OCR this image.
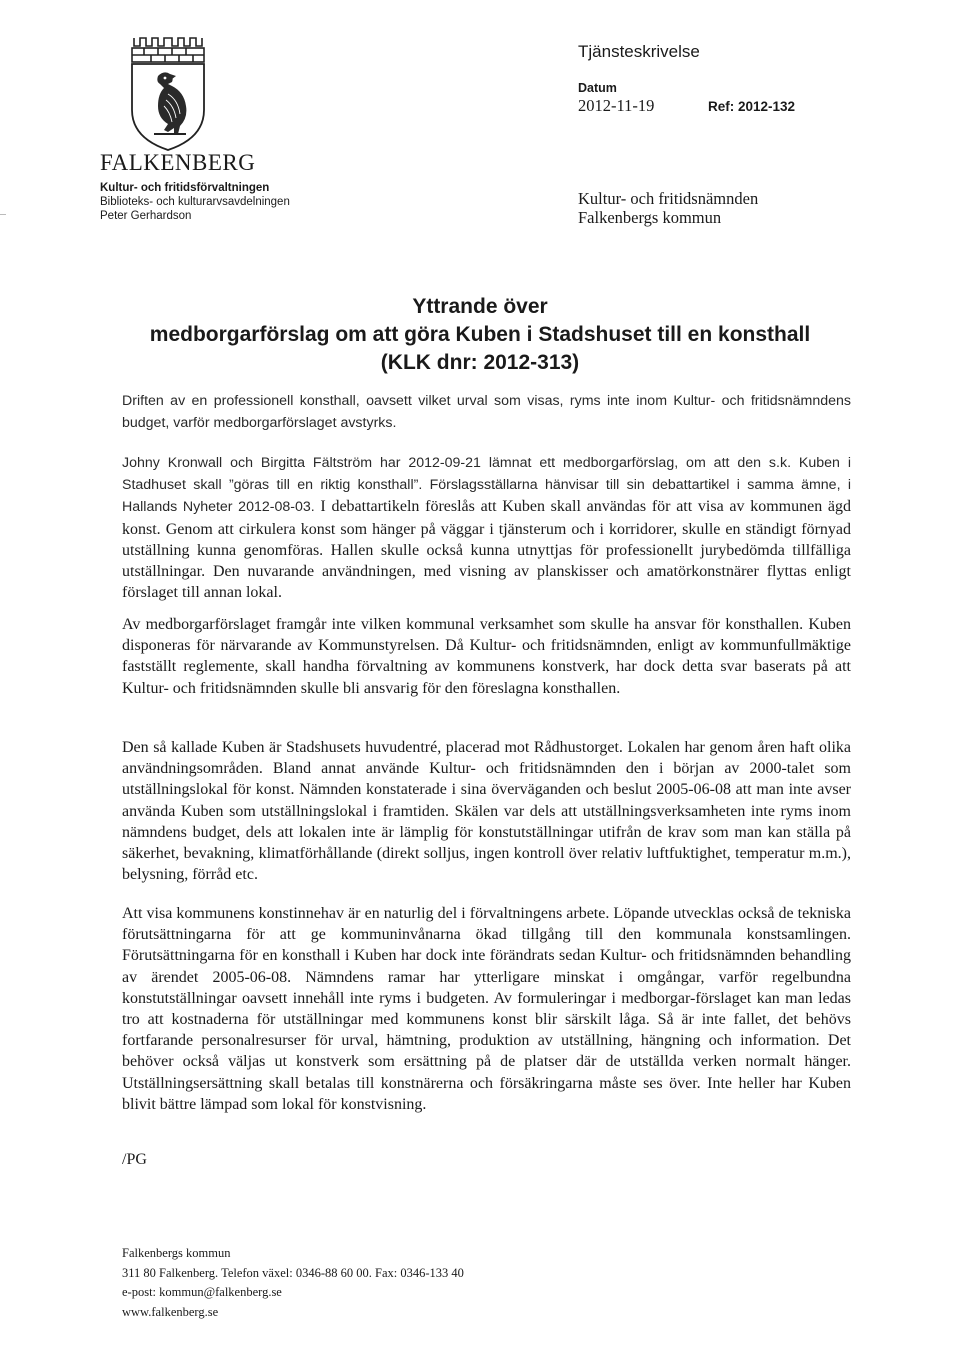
FALKENBERG
Kultur- och fritidsförvaltningen
Biblioteks- och kulturarvsavdelningen
Peter Gerhardson
Tjänsteskrivelse
Datum
2012-11-19	Ref: 2012-132
Kultur- och fritidsnämnden
Falkenbergs kommun
Yttrande över
medborgarförslag om att göra Kuben i Stadshuset till en konsthall
(KLK dnr: 2012-313)
Driften av en professionell konsthall, oavsett vilket urval som visas, ryms inte inom Kultur- och fritidsnämndens budget, varför medborgarförslaget avstyrks.
Johny Kronwall och Birgitta Fältström har 2012-09-21 lämnat ett medborgarförslag, om att den s.k. Kuben i Stadhuset skall ”göras till en riktig konsthall”. Förslagsställarna hänvisar till sin debattartikel i samma ämne, i Hallands Nyheter 2012-08-03. I debattartikeln föreslås att Kuben skall användas för att visa av kommunen ägd konst. Genom att cirkulera konst som hänger på väggar i tjänsterum och i korridorer, skulle en ständigt förnyad utställning kunna genomföras. Hallen skulle också kunna utnyttjas för professionellt jurybedömda tillfälliga utställningar. Den nuvarande användningen, med visning av planskisser och amatörkonstnärer flyttas enligt förslaget till annan lokal.
Av medborgarförslaget framgår inte vilken kommunal verksamhet som skulle ha ansvar för konsthallen. Kuben disponeras för närvarande av Kommunstyrelsen. Då Kultur- och fritidsnämnden, enligt av kommunfullmäktige fastställt reglemente, skall handha förvaltning av kommunens konstverk, har dock detta svar baserats på att Kultur- och fritidsnämnden skulle bli ansvarig för den föreslagna konsthallen.
Den så kallade Kuben är Stadshusets huvudentré, placerad mot Rådhustorget. Lokalen har genom åren haft olika användningsområden. Bland annat använde Kultur- och fritidsnämnden den i början av 2000-talet som utställningslokal för konst. Nämnden konstaterade i sina överväganden och beslut 2005-06-08 att man inte avser använda Kuben som utställningslokal i framtiden. Skälen var dels att utställningsverksamheten inte ryms inom nämndens budget, dels att lokalen inte är lämplig för konstutställningar utifrån de krav som man kan ställa på säkerhet, bevakning, klimatförhållande (direkt solljus, ingen kontroll över relativ luftfuktighet, temperatur m.m.), belysning, förråd etc.
Att visa kommunens konstinnehav är en naturlig del i förvaltningens arbete. Löpande utvecklas också de tekniska förutsättningarna för att ge kommuninvånarna ökad tillgång till den kommunala konstsamlingen. Förutsättningarna för en konsthall i Kuben har dock inte förändrats sedan Kultur- och fritidsnämnden behandling av ärendet 2005-06-08. Nämndens ramar har ytterligare minskat i omgångar, varför regelbundna konstutställningar oavsett innehåll inte ryms i budgeten. Av formuleringar i medborgar-förslaget kan man ledas tro att kostnaderna för utställningar med kommunens konst blir särskilt låga. Så är inte fallet, det behövs fortfarande personalresurser för urval, hämtning, produktion av utställning, hängning och information. Det behöver också väljas ut konstverk som ersättning på de platser där de utställda verken normalt hänger. Utställningsersättning skall betalas till konstnärerna och försäkringarna måste ses över. Inte heller har Kuben blivit bättre lämpad som lokal för konstvisning.
/PG
Falkenbergs kommun
311 80 Falkenberg. Telefon växel: 0346-88 60 00. Fax: 0346-133 40
e-post: kommun@falkenberg.se
www.falkenberg.se
